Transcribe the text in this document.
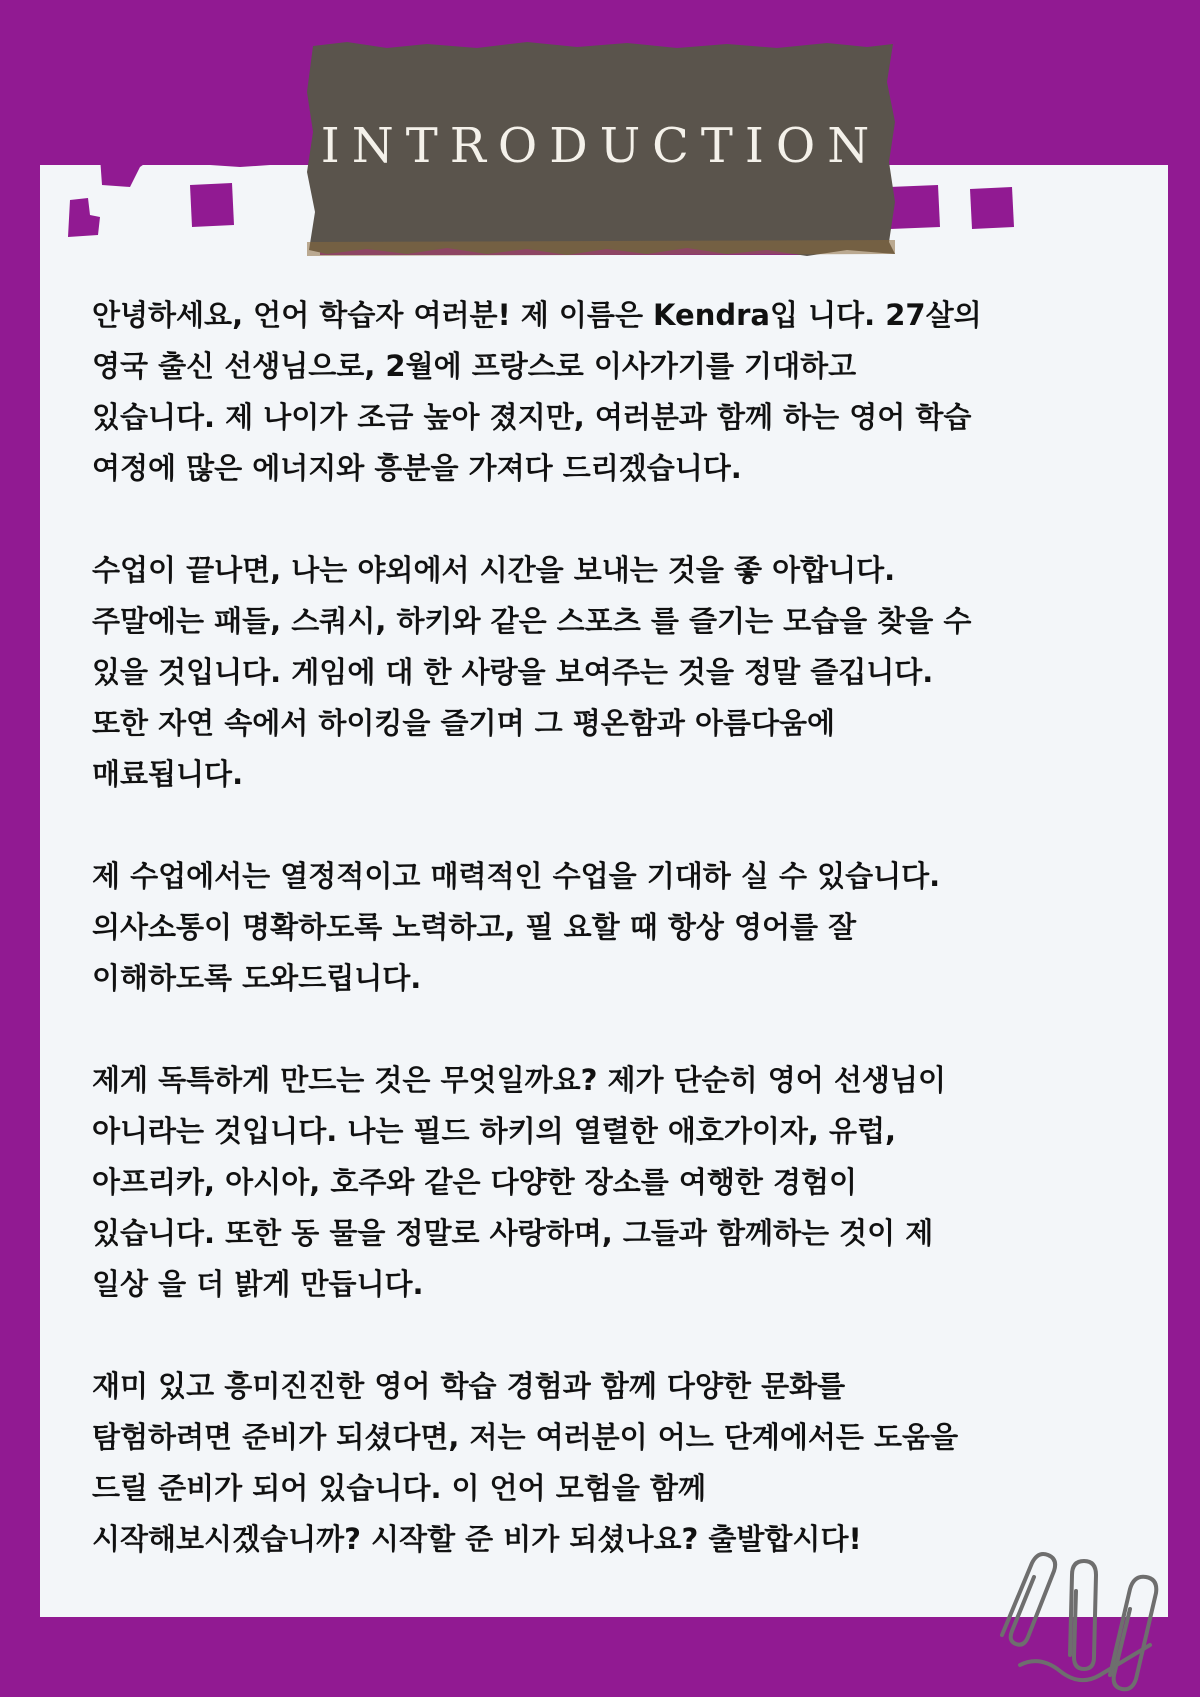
INTRODUCTION

안녕하세요, 언어 학습자 여러분! 제 이름은 Kendra입 니다. 27살의
영국 출신 선생님으로, 2월에 프랑스로 이사가기를 기대하고
있습니다. 제 나이가 조금 높아 졌지만, 여러분과 함께 하는 영어 학습
여정에 많은 에너지와 흥분을 가져다 드리겠습니다.

수업이 끝나면, 나는 야외에서 시간을 보내는 것을 좋 아합니다.
주말에는 패들, 스쿼시, 하키와 같은 스포츠 를 즐기는 모습을 찾을 수
있을 것입니다. 게임에 대 한 사랑을 보여주는 것을 정말 즐깁니다.
또한 자연 속에서 하이킹을 즐기며 그 평온함과 아름다움에
매료됩니다.

제 수업에서는 열정적이고 매력적인 수업을 기대하 실 수 있습니다.
의사소통이 명확하도록 노력하고, 필 요할 때 항상 영어를 잘
이해하도록 도와드립니다.

제게 독특하게 만드는 것은 무엇일까요? 제가 단순히 영어 선생님이
아니라는 것입니다. 나는 필드 하키의 열렬한 애호가이자, 유럽,
아프리카, 아시아, 호주와 같은 다양한 장소를 여행한 경험이
있습니다. 또한 동 물을 정말로 사랑하며, 그들과 함께하는 것이 제
일상 을 더 밝게 만듭니다.

재미 있고 흥미진진한 영어 학습 경험과 함께 다양한 문화를
탐험하려면 준비가 되셨다면, 저는 여러분이 어느 단계에서든 도움을
드릴 준비가 되어 있습니다. 이 언어 모험을 함께
시작해보시겠습니까? 시작할 준 비가 되셨나요? 출발합시다!
